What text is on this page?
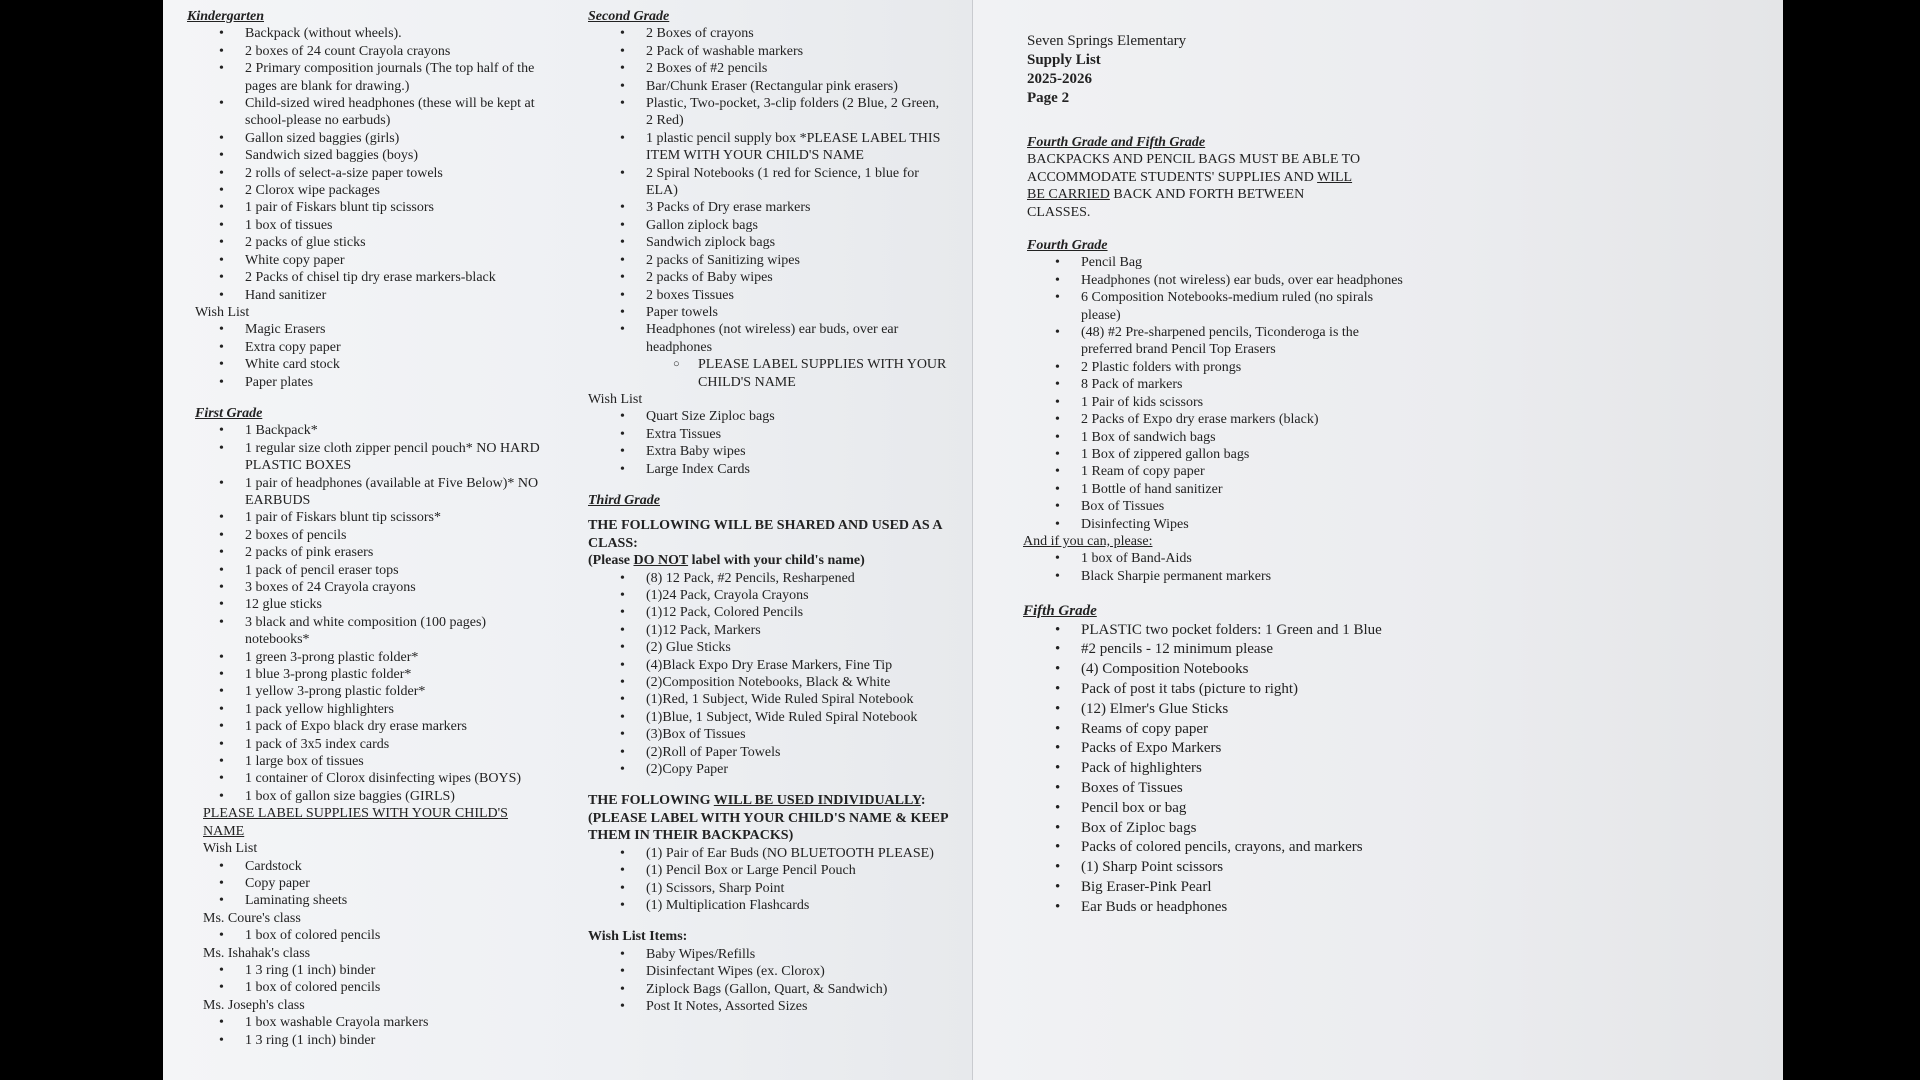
Kindergarten

• Backpack (without wheels).
• 2 boxes of 24 count Crayola crayons
• 2 Primary composition journals (The top half of the pages are blank for drawing.)
• Child-sized wired headphones (these will be kept at school-please no earbuds)
• Gallon sized baggies (girls)
• Sandwich sized baggies (boys)
• 2 rolls of select-a-size paper towels
• 2 Clorox wipe packages
• 1 pair of Fiskars blunt tip scissors
• 1 box of tissues
• 2 packs of glue sticks
• White copy paper
• 2 Packs of chisel tip dry erase markers-black
• Hand sanitizer
Wish List
• Magic Erasers
• Extra copy paper
• White card stock
• Paper plates

First Grade

• 1 Backpack*
• 1 regular size cloth zipper pencil pouch* NO HARD PLASTIC BOXES
• 1 pair of headphones (available at Five Below)* NO EARBUDS
• 1 pair of Fiskars blunt tip scissors*
• 2 boxes of pencils
• 2 packs of pink erasers
• 1 pack of pencil eraser tops
• 3 boxes of 24 Crayola crayons
• 12 glue sticks
• 3 black and white composition (100 pages) notebooks*
• 1 green 3-prong plastic folder*
• 1 blue 3-prong plastic folder*
• 1 yellow 3-prong plastic folder*
• 1 pack yellow highlighters
• 1 pack of Expo black dry erase markers
• 1 pack of 3x5 index cards
• 1 large box of tissues
• 1 container of Clorox disinfecting wipes (BOYS)
• 1 box of gallon size baggies (GIRLS)
PLEASE LABEL SUPPLIES WITH YOUR CHILD'S NAME
Wish List
• Cardstock
• Copy paper
• Laminating sheets
Ms. Coure's class
• 1 box of colored pencils
Ms. Ishahak's class
• 1 3 ring (1 inch) binder
• 1 box of colored pencils
Ms. Joseph's class
• 1 box washable Crayola markers
• 1 3 ring (1 inch) binder

Second Grade

• 2 Boxes of crayons
• 2 Pack of washable markers
• 2 Boxes of #2 pencils
• Bar/Chunk Eraser (Rectangular pink erasers)
• Plastic, Two-pocket, 3-clip folders (2 Blue, 2 Green, 2 Red)
• 1 plastic pencil supply box *PLEASE LABEL THIS ITEM WITH YOUR CHILD'S NAME
• 2 Spiral Notebooks (1 red for Science, 1 blue for ELA)
• 3 Packs of Dry erase markers
• Gallon ziplock bags
• Sandwich ziplock bags
• 2 packs of Sanitizing wipes
• 2 packs of Baby wipes
• 2 boxes Tissues
• Paper towels
• Headphones (not wireless) ear buds, over ear headphones
○ PLEASE LABEL SUPPLIES WITH YOUR CHILD'S NAME
Wish List
• Quart Size Ziploc bags
• Extra Tissues
• Extra Baby wipes
• Large Index Cards

Third Grade

THE FOLLOWING WILL BE SHARED AND USED AS A CLASS:
(Please DO NOT label with your child's name)
• (8) 12 Pack, #2 Pencils, Resharpened
• (1)24 Pack, Crayola Crayons
• (1)12 Pack, Colored Pencils
• (1)12 Pack, Markers
• (2) Glue Sticks
• (4)Black Expo Dry Erase Markers, Fine Tip
• (2)Composition Notebooks, Black & White
• (1)Red, 1 Subject, Wide Ruled Spiral Notebook
• (1)Blue, 1 Subject, Wide Ruled Spiral Notebook
• (3)Box of Tissues
• (2)Roll of Paper Towels
• (2)Copy Paper
THE FOLLOWING WILL BE USED INDIVIDUALLY:
(PLEASE LABEL WITH YOUR CHILD'S NAME & KEEP THEM IN THEIR BACKPACKS)
• (1) Pair of Ear Buds (NO BLUETOOTH PLEASE)
• (1) Pencil Box or Large Pencil Pouch
• (1) Scissors, Sharp Point
• (1) Multiplication Flashcards
Wish List Items:
• Baby Wipes/Refills
• Disinfectant Wipes (ex. Clorox)
• Ziplock Bags (Gallon, Quart, & Sandwich)
• Post It Notes, Assorted Sizes
Seven Springs Elementary
Supply List
2025-2026
Page 2

Fourth Grade and Fifth Grade

BACKPACKS AND PENCIL BAGS MUST BE ABLE TO ACCOMMODATE STUDENTS' SUPPLIES AND WILL BE CARRIED BACK AND FORTH BETWEEN CLASSES.

Fourth Grade

• Pencil Bag
• Headphones (not wireless) ear buds, over ear headphones
• 6 Composition Notebooks-medium ruled (no spirals please)
• (48) #2 Pre-sharpened pencils, Ticonderoga is the preferred brand Pencil Top Erasers
• 2 Plastic folders with prongs
• 8 Pack of markers
• 1 Pair of kids scissors
• 2 Packs of Expo dry erase markers (black)
• 1 Box of sandwich bags
• 1 Box of zippered gallon bags
• 1 Ream of copy paper
• 1 Bottle of hand sanitizer
• Box of Tissues
• Disinfecting Wipes
And if you can, please:
• 1 box of Band-Aids
• Black Sharpie permanent markers

Fifth Grade

• PLASTIC two pocket folders: 1 Green and 1 Blue
• #2 pencils - 12 minimum please
• (4) Composition Notebooks
• Pack of post it tabs (picture to right)
• (12) Elmer's Glue Sticks
• Reams of copy paper
• Packs of Expo Markers
• Pack of highlighters
• Boxes of Tissues
• Pencil box or bag
• Box of Ziploc bags
• Packs of colored pencils, crayons, and markers
• (1) Sharp Point scissors
• Big Eraser-Pink Pearl
• Ear Buds or headphones
